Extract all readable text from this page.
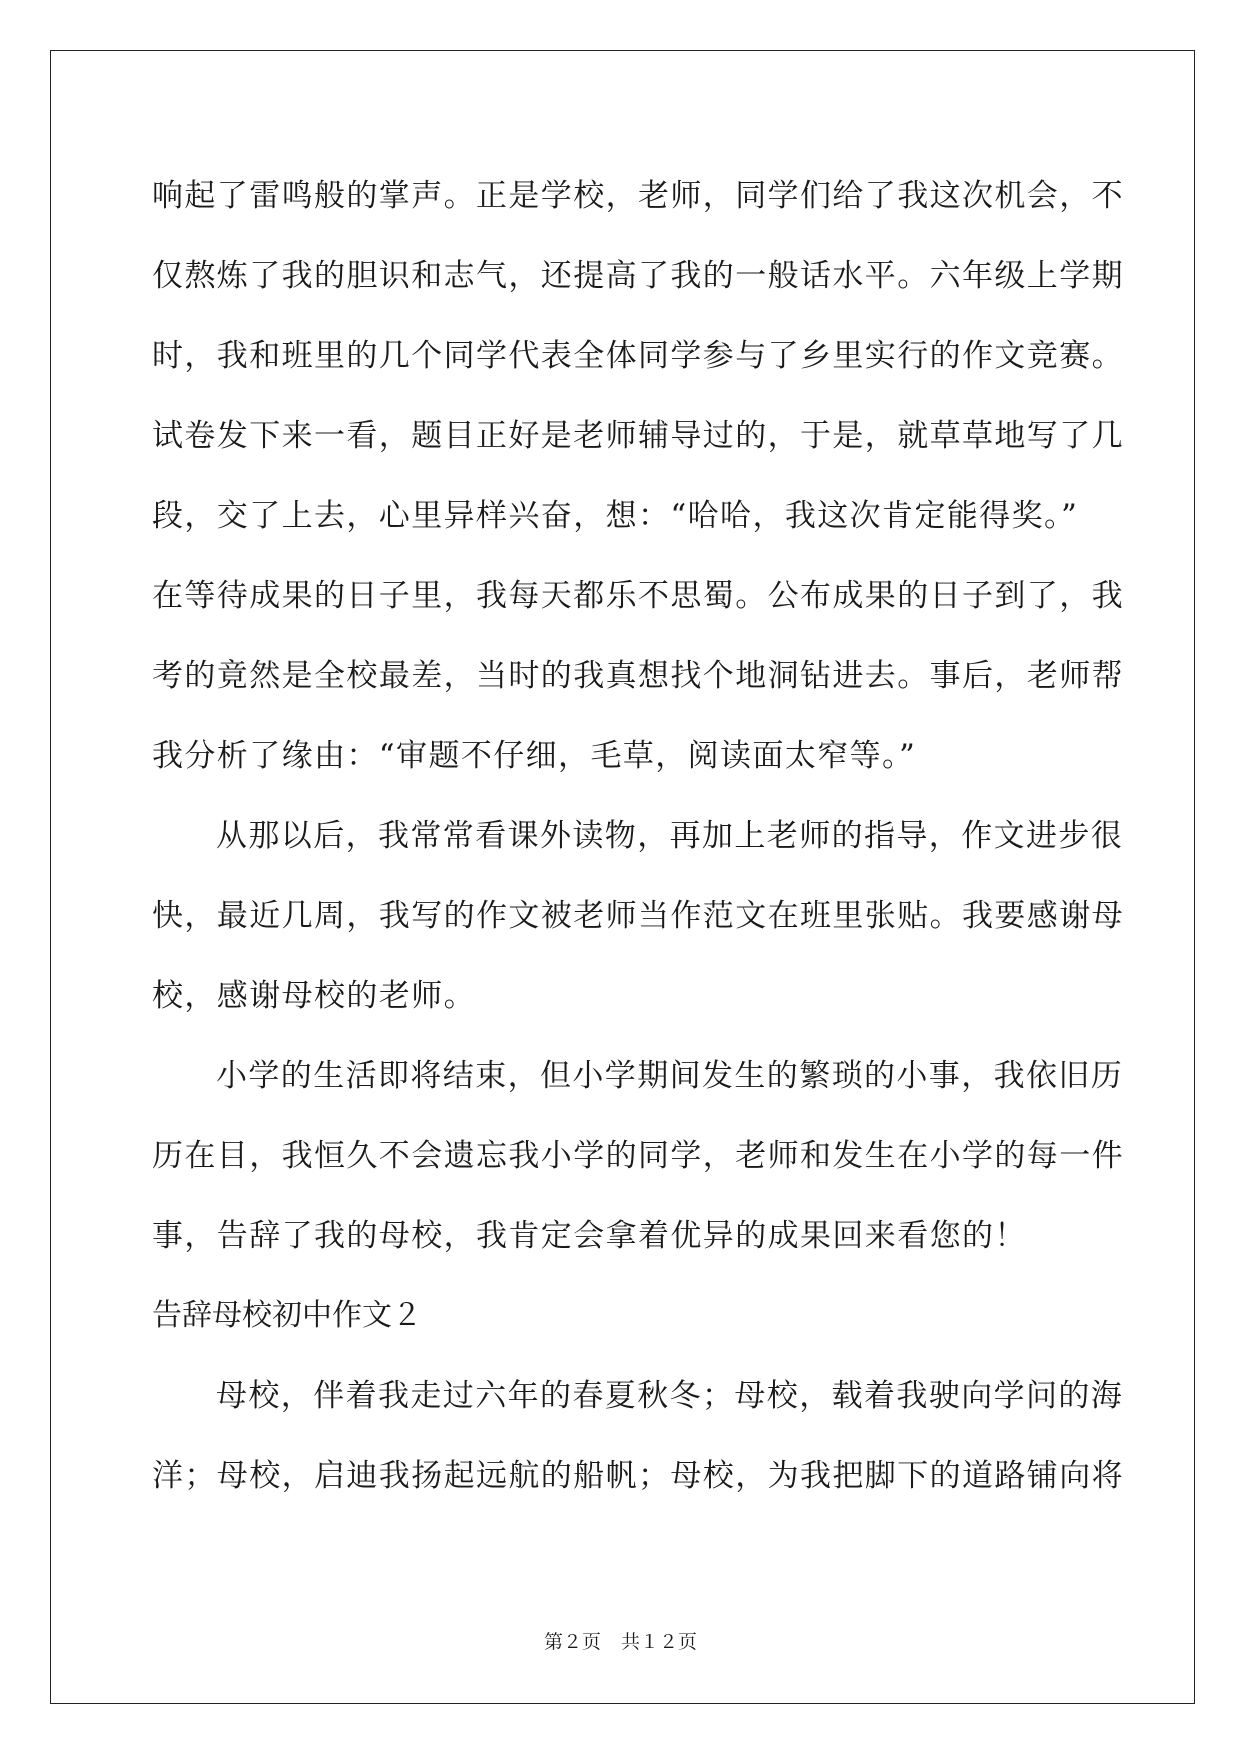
响起了雷鸣般的掌声。正是学校，老师，同学们给了我这次机会，不
仅熬炼了我的胆识和志气，还提高了我的一般话水平。六年级上学期
时，我和班里的几个同学代表全体同学参与了乡里实行的作文竞赛。
试卷发下来一看，题目正好是老师辅导过的，于是，就草草地写了几
段，交了上去，心里异样兴奋，想：“哈哈，我这次肯定能得奖。”
在等待成果的日子里，我每天都乐不思蜀。公布成果的日子到了，我
考的竟然是全校最差，当时的我真想找个地洞钻进去。事后，老师帮
我分析了缘由：“审题不仔细，毛草，阅读面太窄等。”
从那以后，我常常看课外读物，再加上老师的指导，作文进步很
快，最近几周，我写的作文被老师当作范文在班里张贴。我要感谢母
校，感谢母校的老师。
小学的生活即将结束，但小学期间发生的繁琐的小事，我依旧历
历在目，我恒久不会遗忘我小学的同学，老师和发生在小学的每一件
事，告辞了我的母校，我肯定会拿着优异的成果回来看您的！
告辞母校初中作文２
母校，伴着我走过六年的春夏秋冬；母校，载着我驶向学问的海
洋；母校，启迪我扬起远航的船帆；母校，为我把脚下的道路铺向将
第２页 共１２页
